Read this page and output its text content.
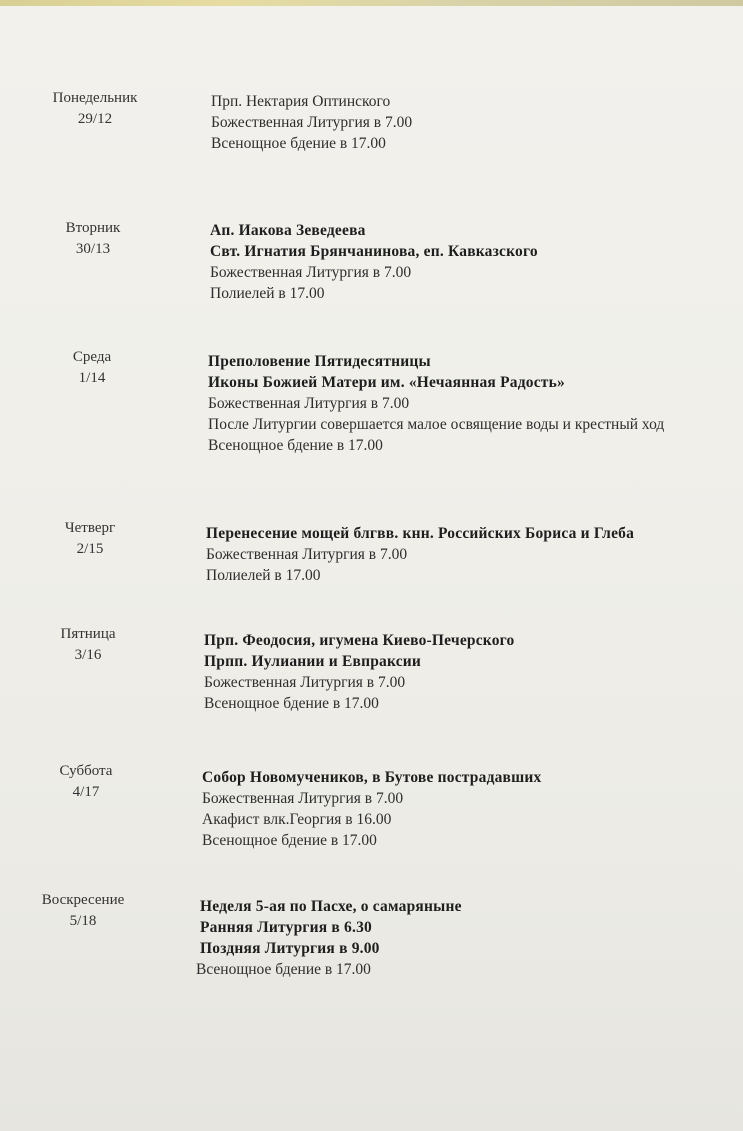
Понедельник
29/12
Прп. Нектария Оптинского
Божественная Литургия в 7.00
Всенощное бдение в 17.00
Вторник
30/13
Ап. Иакова Зеведеева
Свт. Игнатия Брянчанинова, еп. Кавказского
Божественная Литургия в 7.00
Полиелей в 17.00
Среда
1/14
Преполовение Пятидесятницы
Иконы Божией Матери им. «Нечаянная Радость»
Божественная Литургия в 7.00
После Литургии совершается малое освящение воды и крестный ход
Всенощное бдение в 17.00
Четверг
2/15
Перенесение мощей блгвв. кнн. Российских Бориса и Глеба
Божественная Литургия в 7.00
Полиелей в 17.00
Пятница
3/16
Прп. Феодосия, игумена Киево-Печерского
Прпп. Иулиании и Евпраксии
Божественная Литургия в 7.00
Всенощное бдение в 17.00
Суббота
4/17
Собор Новомучеников, в Бутове пострадавших
Божественная Литургия в 7.00
Акафист влк.Георгия в 16.00
Всенощное бдение в 17.00
Воскресение
5/18
Неделя 5-ая по Пасхе, о самаряныне
Ранняя Литургия в 6.30
Поздняя Литургия в 9.00
Всенощное бдение в 17.00
